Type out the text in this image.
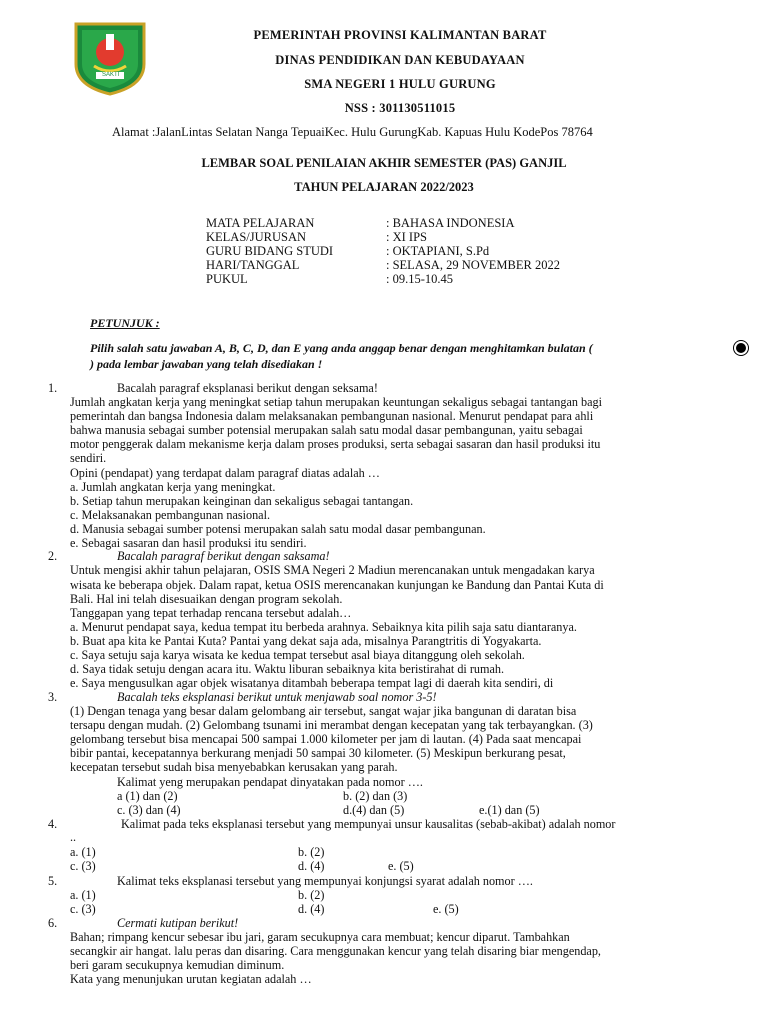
SAKTI
PEMERINTAH PROVINSI KALIMANTAN BARAT
DINAS PENDIDIKAN DAN KEBUDAYAAN
SMA NEGERI 1 HULU GURUNG
NSS : 301130511015
Alamat :JalanLintas Selatan Nanga TepuaiKec. Hulu GurungKab. Kapuas Hulu KodePos 78764
LEMBAR SOAL PENILAIAN AKHIR SEMESTER (PAS) GANJIL
TAHUN PELAJARAN 2022/2023
MATA PELAJARAN	: BAHASA INDONESIA
KELAS/JURUSAN	: XI IPS
GURU BIDANG STUDI	: OKTAPIANI, S.Pd
HARI/TANGGAL	: SELASA, 29 NOVEMBER 2022
PUKUL	: 09.15-10.45
PETUNJUK :
Pilih salah satu jawaban A, B, C, D, dan E yang anda anggap benar dengan menghitamkan bulatan (
) pada lembar jawaban yang telah disediakan !
1.	Bacalah paragraf eksplanasi berikut dengan seksama!
Jumlah angkatan kerja yang meningkat setiap tahun merupakan keuntungan sekaligus sebagai tantangan bagi
pemerintah dan bangsa Indonesia dalam melaksanakan pembangunan nasional. Menurut pendapat para ahli
bahwa manusia sebagai sumber potensial merupakan salah satu modal dasar pembangunan, yaitu sebagai
motor penggerak dalam mekanisme kerja dalam proses produksi, serta sebagai sasaran dan hasil produksi itu
sendiri.
Opini (pendapat) yang terdapat dalam paragraf diatas adalah …
a. Jumlah angkatan kerja yang meningkat.
b. Setiap tahun merupakan keinginan dan sekaligus sebagai tantangan.
c. Melaksanakan pembangunan nasional.
d. Manusia sebagai sumber potensi merupakan salah satu modal dasar pembangunan.
e. Sebagai sasaran dan hasil produksi itu sendiri.
2.	Bacalah paragraf berikut dengan saksama!
Untuk mengisi akhir tahun pelajaran, OSIS SMA Negeri 2 Madiun merencanakan untuk mengadakan karya
wisata ke beberapa objek. Dalam rapat, ketua OSIS merencanakan kunjungan ke Bandung dan Pantai Kuta di
Bali. Hal ini telah disesuaikan dengan program sekolah.
Tanggapan yang tepat terhadap rencana tersebut adalah…
a. Menurut pendapat saya, kedua tempat itu berbeda arahnya. Sebaiknya kita pilih saja satu diantaranya.
b. Buat apa kita ke Pantai Kuta? Pantai yang dekat saja ada, misalnya Parangtritis di Yogyakarta.
c. Saya setuju saja karya wisata ke kedua tempat tersebut asal biaya ditanggung oleh sekolah.
d. Saya tidak setuju dengan acara itu. Waktu liburan sebaiknya kita beristirahat di rumah.
e. Saya mengusulkan agar objek wisatanya ditambah beberapa tempat lagi di daerah kita sendiri, di
3.	Bacalah teks eksplanasi berikut untuk menjawab soal nomor 3-5!
(1) Dengan tenaga yang besar dalam gelombang air tersebut, sangat wajar jika bangunan di daratan bisa
tersapu dengan mudah. (2) Gelombang tsunami ini merambat dengan kecepatan yang tak terbayangkan. (3)
gelombang tersebut bisa mencapai 500 sampai 1.000 kilometer per jam di lautan. (4) Pada saat mencapai
bibir pantai, kecepatannya berkurang menjadi 50 sampai 30 kilometer. (5) Meskipun berkurang pesat,
kecepatan tersebut sudah bisa menyebabkan kerusakan yang parah.
Kalimat yeng merupakan pendapat dinyatakan pada nomor ….
a (1) dan (2)	b. (2) dan (3)
c. (3) dan (4)	d.(4) dan (5)	e.(1) dan (5)
4.	Kalimat pada teks eksplanasi tersebut yang mempunyai unsur kausalitas (sebab-akibat) adalah nomor
..
a. (1)	b. (2)
c. (3)	d. (4)	e. (5)
5.	Kalimat teks eksplanasi tersebut yang mempunyai konjungsi syarat adalah nomor ….
a. (1)	b. (2)
c. (3)	d. (4)	e. (5)
6.	Cermati kutipan berikut!
Bahan; rimpang kencur sebesar ibu jari, garam secukupnya cara membuat; kencur diparut. Tambahkan
secangkir air hangat. lalu peras dan disaring. Cara menggunakan kencur yang telah disaring biar mengendap,
beri garam secukupnya kemudian diminum.
Kata yang menunjukan urutan kegiatan adalah …
